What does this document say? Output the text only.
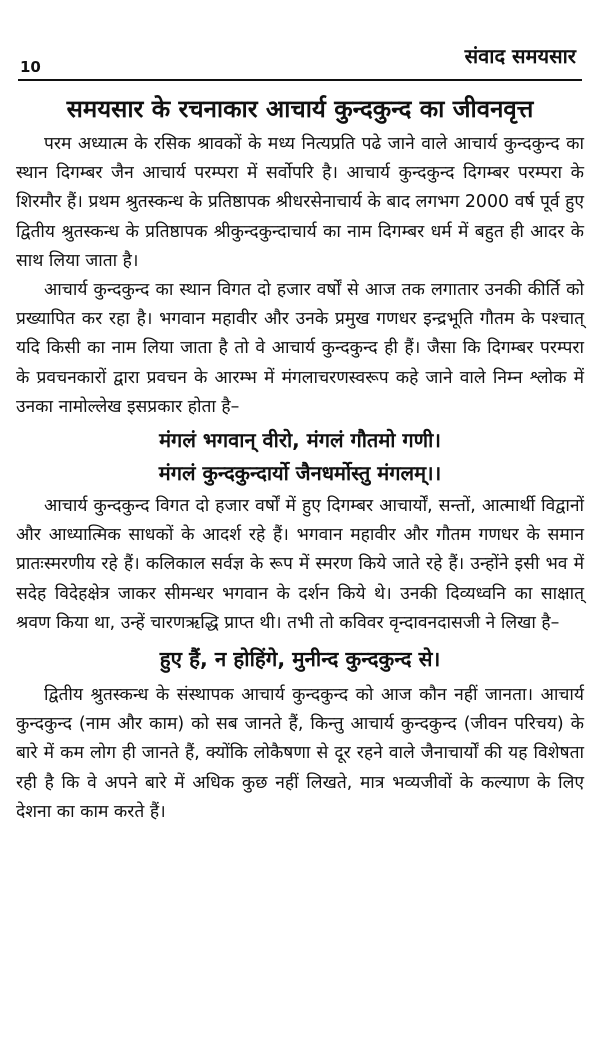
10	संवाद समयसार
समयसार के रचनाकार आचार्य कुन्दकुन्द का जीवनवृत्त

परम अध्यात्म के रसिक श्रावकों के मध्य नित्यप्रति पढे जाने वाले आचार्य कुन्दकुन्द का स्थान दिगम्बर जैन आचार्य परम्परा में सर्वोपरि है। आचार्य कुन्दकुन्द दिगम्बर परम्परा के शिरमौर हैं। प्रथम श्रुतस्कन्ध के प्रतिष्ठापक श्रीधरसेनाचार्य के बाद लगभग 2000 वर्ष पूर्व हुए द्वितीय श्रुतस्कन्ध के प्रतिष्ठापक श्रीकुन्दकुन्दाचार्य का नाम दिगम्बर धर्म में बहुत ही आदर के साथ लिया जाता है।

आचार्य कुन्दकुन्द का स्थान विगत दो हजार वर्षों से आज तक लगातार उनकी कीर्ति को प्रख्यापित कर रहा है। भगवान महावीर और उनके प्रमुख गणधर इन्द्रभूति गौतम के पश्चात् यदि किसी का नाम लिया जाता है तो वे आचार्य कुन्दकुन्द ही हैं। जैसा कि दिगम्बर परम्परा के प्रवचनकारों द्वारा प्रवचन के आरम्भ में मंगलाचरणस्वरूप कहे जाने वाले निम्न श्लोक में उनका नामोल्लेख इसप्रकार होता है–

मंगलं भगवान् वीरो, मंगलं गौतमो गणी।
मंगलं कुन्दकुन्दार्यो जैनधर्मोस्तु मंगलम्।।

आचार्य कुन्दकुन्द विगत दो हजार वर्षों में हुए दिगम्बर आचार्यों, सन्तों, आत्मार्थी विद्वानों और आध्यात्मिक साधकों के आदर्श रहे हैं। भगवान महावीर और गौतम गणधर के समान प्रातःस्मरणीय रहे हैं। कलिकाल सर्वज्ञ के रूप में स्मरण किये जाते रहे हैं। उन्होंने इसी भव में सदेह विदेहक्षेत्र जाकर सीमन्धर भगवान के दर्शन किये थे। उनकी दिव्यध्वनि का साक्षात् श्रवण किया था, उन्हें चारणऋद्धि प्राप्त थी। तभी तो कविवर वृन्दावनदासजी ने लिखा है–

हुए हैं, न होहिंगे, मुनीन्द कुन्दकुन्द से।

द्वितीय श्रुतस्कन्ध के संस्थापक आचार्य कुन्दकुन्द को आज कौन नहीं जानता। आचार्य कुन्दकुन्द (नाम और काम) को सब जानते हैं, किन्तु आचार्य कुन्दकुन्द (जीवन परिचय) के बारे में कम लोग ही जानते हैं, क्योंकि लोकैषणा से दूर रहने वाले जैनाचार्यों की यह विशेषता रही है कि वे अपने बारे में अधिक कुछ नहीं लिखते, मात्र भव्यजीवों के कल्याण के लिए देशना का काम करते हैं।
